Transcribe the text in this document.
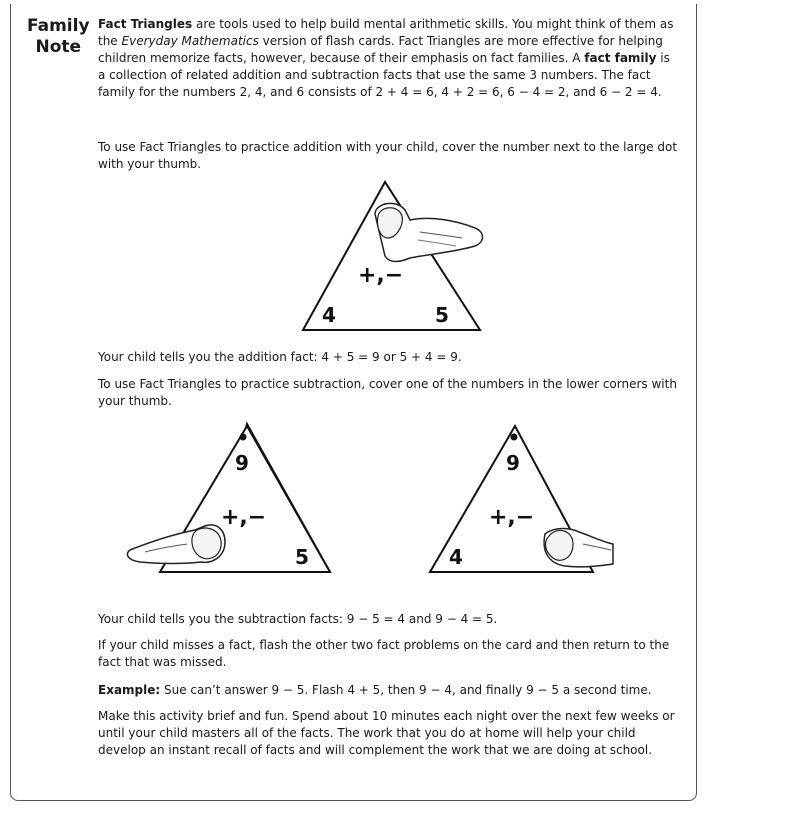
Family
Note

Fact Triangles are tools used to help build mental arithmetic skills. You might think of them as the Everyday Mathematics version of flash cards. Fact Triangles are more effective for helping children memorize facts, however, because of their emphasis on fact families. A fact family is a collection of related addition and subtraction facts that use the same 3 numbers. The fact family for the numbers 2, 4, and 6 consists of 2 + 4 = 6, 4 + 2 = 6, 6 − 4 = 2, and 6 − 2 = 4.

To use Fact Triangles to practice addition with your child, cover the number next to the large dot with your thumb.

+,−
4	5

Your child tells you the addition fact: 4 + 5 = 9 or 5 + 4 = 9.

To use Fact Triangles to practice subtraction, cover one of the numbers in the lower corners with your thumb.

9
+,−
5
9
+,−
4

Your child tells you the subtraction facts: 9 − 5 = 4 and 9 − 4 = 5.

If your child misses a fact, flash the other two fact problems on the card and then return to the fact that was missed.

Example: Sue can’t answer 9 − 5. Flash 4 + 5, then 9 − 4, and finally 9 − 5 a second time.

Make this activity brief and fun. Spend about 10 minutes each night over the next few weeks or until your child masters all of the facts. The work that you do at home will help your child develop an instant recall of facts and will complement the work that we are doing at school.
